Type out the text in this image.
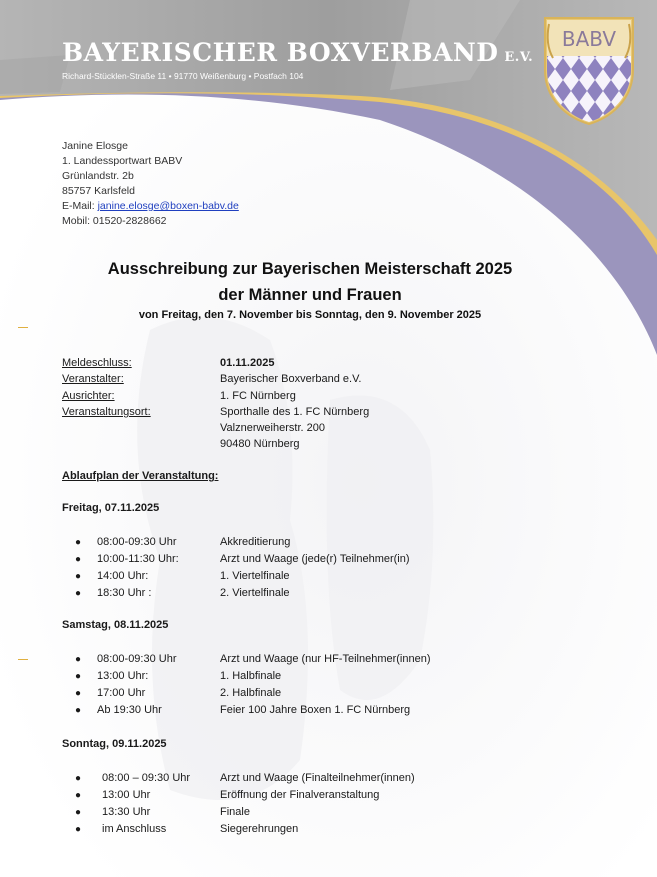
BAYERISCHER BOXVERBAND E.V.
Richard-Stücklen-Straße 11 • 91770 Weißenburg • Postfach 104
BABV
Janine Elosge
1. Landessportwart BABV
Grünlandstr. 2b
85757 Karlsfeld
E-Mail: janine.elosge@boxen-babv.de
Mobil: 01520-2828662
Ausschreibung zur Bayerischen Meisterschaft 2025
der Männer und Frauen
von Freitag, den 7. November bis Sonntag, den 9. November 2025
Meldeschluss:	01.11.2025
Veranstalter:	Bayerischer Boxverband e.V.
Ausrichter:	1. FC Nürnberg
Veranstaltungsort:	Sporthalle des 1. FC Nürnberg
Valznerweiherstr. 200
90480 Nürnberg
Ablaufplan der Veranstaltung:
Freitag, 07.11.2025
●	08:00-09:30 Uhr	Akkreditierung
●	10:00-11:30 Uhr:	Arzt und Waage (jede(r) Teilnehmer(in)
●	14:00 Uhr:	1. Viertelfinale
●	18:30 Uhr :	2. Viertelfinale
Samstag, 08.11.2025
●	08:00-09:30 Uhr	Arzt und Waage (nur HF-Teilnehmer(innen)
●	13:00 Uhr:	1. Halbfinale
●	17:00 Uhr	2. Halbfinale
●	Ab 19:30 Uhr	Feier 100 Jahre Boxen 1. FC Nürnberg
Sonntag, 09.11.2025
●	08:00 – 09:30 Uhr	Arzt und Waage (Finalteilnehmer(innen)
●	13:00 Uhr	Eröffnung der Finalveranstaltung
●	13:30 Uhr	Finale
●	im Anschluss	Siegerehrungen
